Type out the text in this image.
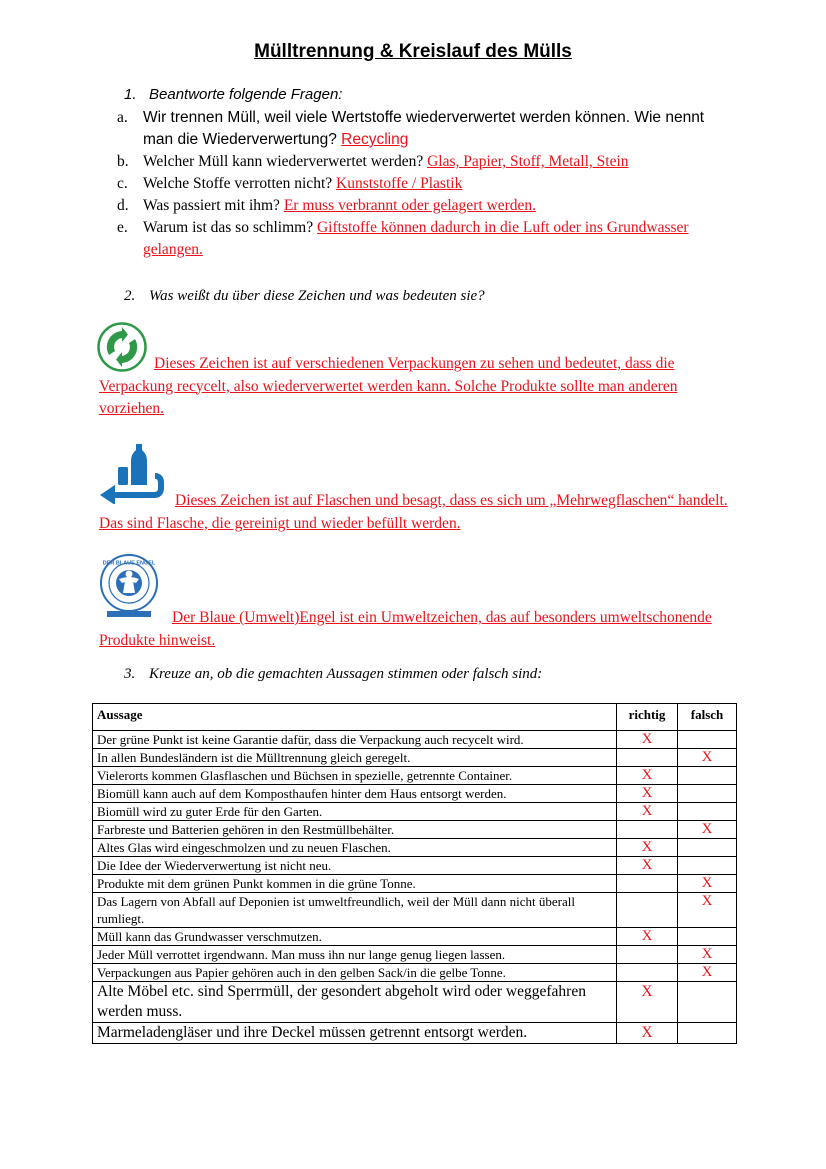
Mülltrennung & Kreislauf des Mülls
1. Beantworte folgende Fragen:
a. Wir trennen Müll, weil viele Wertstoffe wiederverwertet werden können. Wie nennt man die Wiederverwertung? Recycling
b. Welcher Müll kann wiederverwertet werden? Glas, Papier, Stoff, Metall, Stein
c. Welche Stoffe verrotten nicht? Kunststoffe / Plastik
d. Was passiert mit ihm? Er muss verbrannt oder gelagert werden.
e. Warum ist das so schlimm? Giftstoffe können dadurch in die Luft oder ins Grundwasser gelangen.
2. Was weißt du über diese Zeichen und was bedeuten sie?
Dieses Zeichen ist auf verschiedenen Verpackungen zu sehen und bedeutet, dass die Verpackung recycelt, also wiederverwertet werden kann. Solche Produkte sollte man anderen vorziehen.
Dieses Zeichen ist auf Flaschen und besagt, dass es sich um „Mehrwegflaschen“ handelt. Das sind Flasche, die gereinigt und wieder befüllt werden.
DER BLAUE ENGEL
Der Blaue (Umwelt)Engel ist ein Umweltzeichen, das auf besonders umweltschonende Produkte hinweist.
3. Kreuze an, ob die gemachten Aussagen stimmen oder falsch sind:
Aussage	richtig	falsch
Der grüne Punkt ist keine Garantie dafür, dass die Verpackung auch recycelt wird.	X	
In allen Bundesländern ist die Mülltrennung gleich geregelt.		X
Vielerorts kommen Glasflaschen und Büchsen in spezielle, getrennte Container.	X	
Biomüll kann auch auf dem Komposthaufen hinter dem Haus entsorgt werden.	X	
Biomüll wird zu guter Erde für den Garten.	X	
Farbreste und Batterien gehören in den Restmüllbehälter.		X
Altes Glas wird eingeschmolzen und zu neuen Flaschen.	X	
Die Idee der Wiederverwertung ist nicht neu.	X	
Produkte mit dem grünen Punkt kommen in die grüne Tonne.		X
Das Lagern von Abfall auf Deponien ist umweltfreundlich, weil der Müll dann nicht überall rumliegt.		X
Müll kann das Grundwasser verschmutzen.	X	
Jeder Müll verrottet irgendwann. Man muss ihn nur lange genug liegen lassen.		X
Verpackungen aus Papier gehören auch in den gelben Sack/in die gelbe Tonne.		X
Alte Möbel etc. sind Sperrmüll, der gesondert abgeholt wird oder weggefahren werden muss.	X	
Marmeladengläser und ihre Deckel müssen getrennt entsorgt werden.	X	
